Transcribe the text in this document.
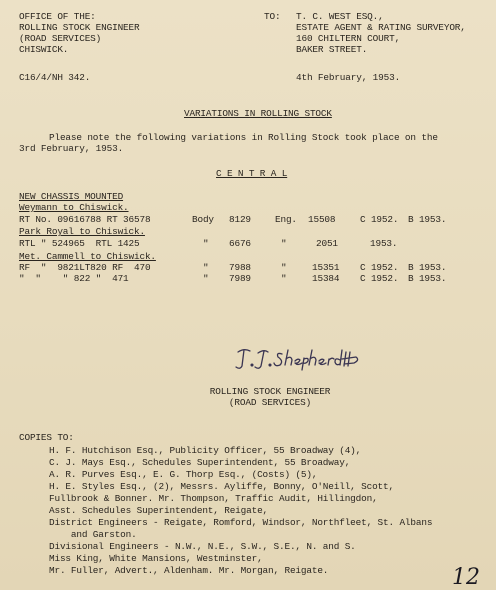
OFFICE OF THE:
ROLLING STOCK ENGINEER
(ROAD SERVICES)
CHISWICK.
TO: T. C. WEST ESQ.,
ESTATE AGENT & RATING SURVEYOR,
160 CHILTERN COURT,
BAKER STREET.
C16/4/NH 342.	4th February, 1953.
VARIATIONS IN ROLLING STOCK
Please note the following variations in Rolling Stock took place on the
3rd February, 1953.
C E N T R A L
NEW CHASSIS MOUNTED
Weymann to Chiswick.
RT No. 09616788 RT 36578	Body 8129	Eng. 15508	C 1952. B 1953.
Park Royal to Chiswick.
RTL " 524965  RTL 1425	" 6676	"	2051	1953.
Met. Cammell to Chiswick.
RF  "  9821LT820 RF  470	" 7988	"	15351 C 1952. B 1953.
"  "    " 822 "  471	" 7989	"	15384 C 1952. B 1953.
ROLLING STOCK ENGINEER
(ROAD SERVICES)
COPIES TO:
H. F. Hutchison Esq., Publicity Officer, 55 Broadway (4),
C. J. Mays Esq., Schedules Superintendent, 55 Broadway,
A. R. Purves Esq., E. G. Thorp Esq., (Costs) (5),
H. E. Styles Esq., (2), Messrs. Ayliffe, Bonny, O'Neill, Scott,
Fullbrook & Bonner. Mr. Thompson, Traffic Audit, Hillingdon,
Asst. Schedules Superintendent, Reigate,
District Engineers - Reigate, Romford, Windsor, Northfleet, St. Albans
and Garston.
Divisional Engineers - N.W., N.E., S.W., S.E., N. and S.
Miss King, White Mansions, Westminster,
Mr. Fuller, Advert., Aldenham. Mr. Morgan, Reigate.	12
